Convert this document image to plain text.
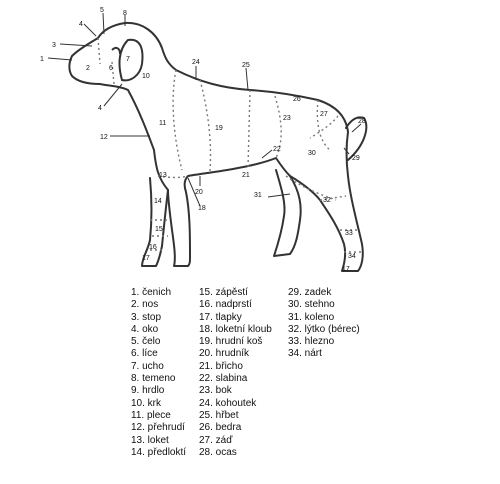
1
2
3
4
5
6
7
8
10
4
12
11
19
24	25
26
23
27
28
29
30
22
21
13
20
18
14
15
16
17
31
32
33
34
17
1. čenich
2. nos
3. stop
4. oko
5. čelo
6. líce
7. ucho
8. temeno
9. hrdlo
10. krk
11. plece
12. přehrudí
13. loket
14. předloktí
15. zápěstí
16. nadprstí
17. tlapky
18. loketní kloub
19. hrudní koš
20. hrudník
21. břicho
22. slabina
23. bok
24. kohoutek
25. hřbet
26. bedra
27. záď
28. ocas
29. zadek
30. stehno
31. koleno
32. lýtko (bérec)
33. hlezno
34. nárt
